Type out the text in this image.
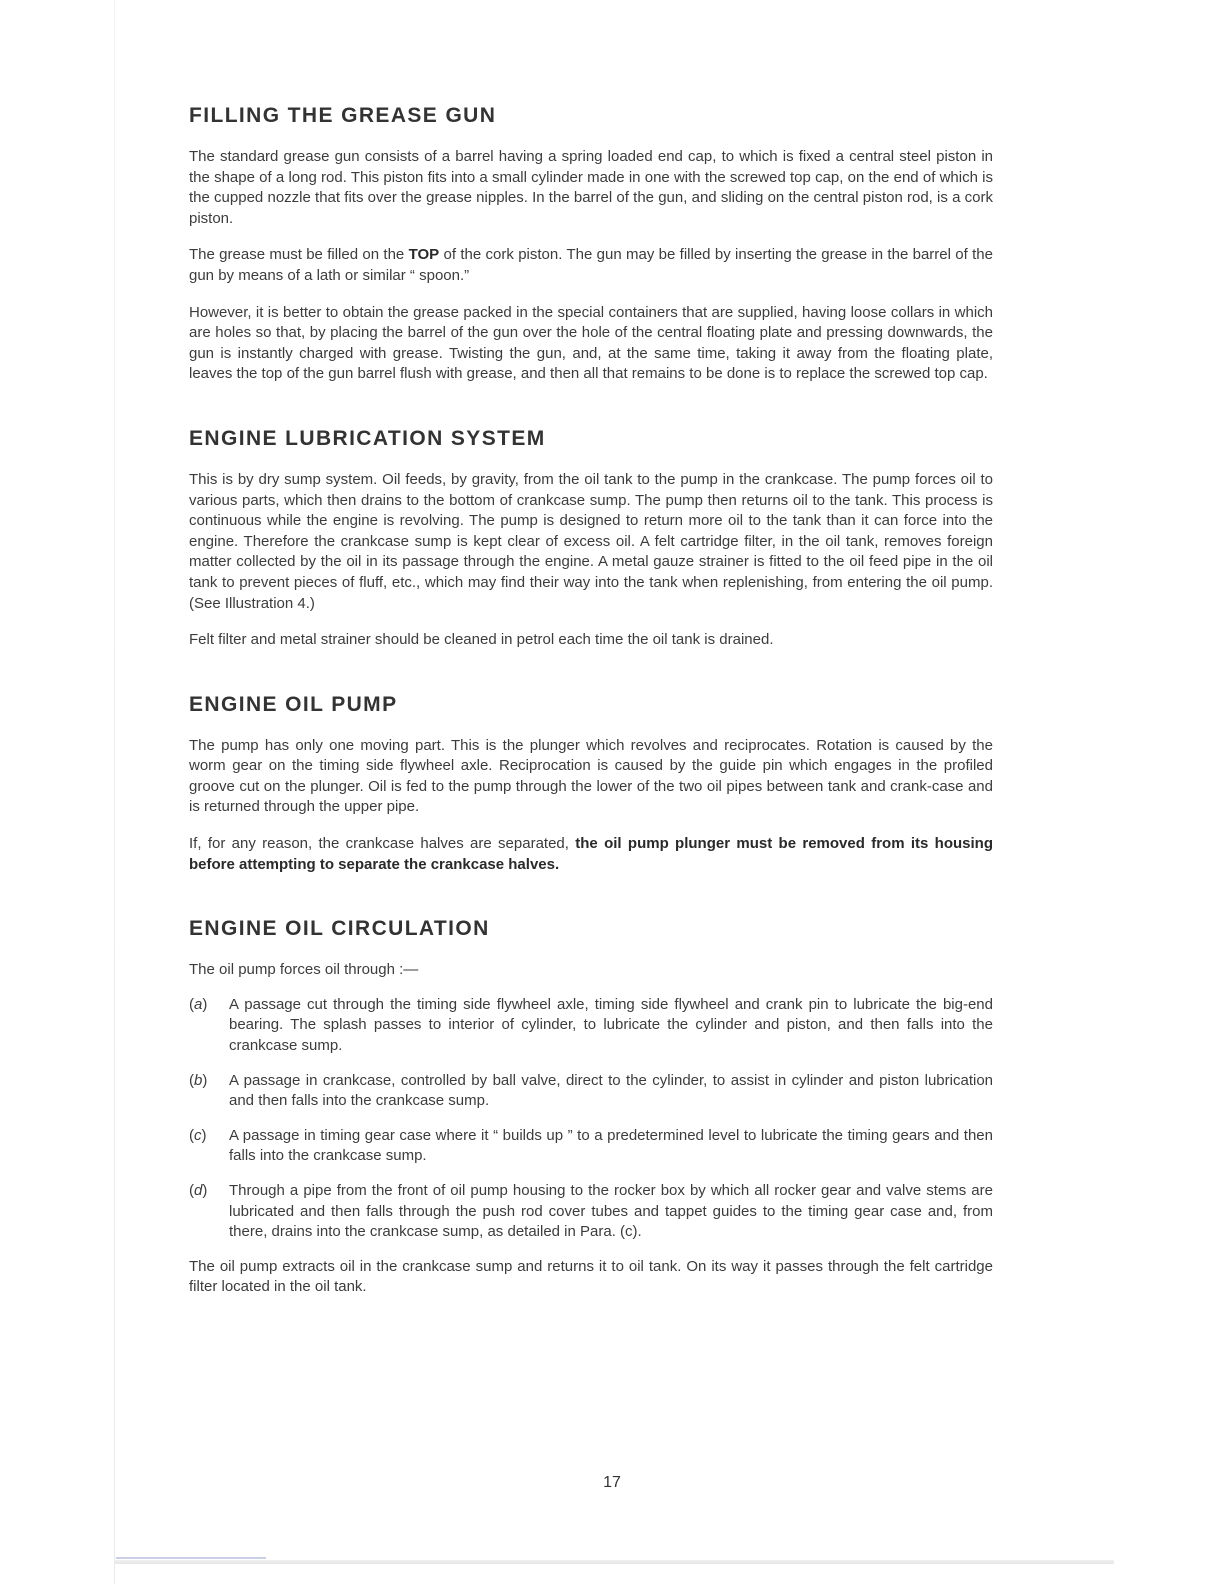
FILLING THE GREASE GUN

The standard grease gun consists of a barrel having a spring loaded end cap, to which is fixed a central steel piston in the shape of a long rod. This piston fits into a small cylinder made in one with the screwed top cap, on the end of which is the cupped nozzle that fits over the grease nipples. In the barrel of the gun, and sliding on the central piston rod, is a cork piston.

The grease must be filled on the TOP of the cork piston. The gun may be filled by inserting the grease in the barrel of the gun by means of a lath or similar “ spoon.”

However, it is better to obtain the grease packed in the special containers that are supplied, having loose collars in which are holes so that, by placing the barrel of the gun over the hole of the central floating plate and pressing downwards, the gun is instantly charged with grease. Twisting the gun, and, at the same time, taking it away from the floating plate, leaves the top of the gun barrel flush with grease, and then all that remains to be done is to replace the screwed top cap.

ENGINE LUBRICATION SYSTEM

This is by dry sump system. Oil feeds, by gravity, from the oil tank to the pump in the crankcase. The pump forces oil to various parts, which then drains to the bottom of crankcase sump. The pump then returns oil to the tank. This process is continuous while the engine is revolving. The pump is designed to return more oil to the tank than it can force into the engine. Therefore the crankcase sump is kept clear of excess oil. A felt cartridge filter, in the oil tank, removes foreign matter collected by the oil in its passage through the engine. A metal gauze strainer is fitted to the oil feed pipe in the oil tank to prevent pieces of fluff, etc., which may find their way into the tank when replenishing, from entering the oil pump. (See Illustration 4.)

Felt filter and metal strainer should be cleaned in petrol each time the oil tank is drained.

ENGINE OIL PUMP

The pump has only one moving part. This is the plunger which revolves and reciprocates. Rotation is caused by the worm gear on the timing side flywheel axle. Reciprocation is caused by the guide pin which engages in the profiled groove cut on the plunger. Oil is fed to the pump through the lower of the two oil pipes between tank and crank-case and is returned through the upper pipe.

If, for any reason, the crankcase halves are separated, the oil pump plunger must be removed from its housing before attempting to separate the crankcase halves.

ENGINE OIL CIRCULATION

The oil pump forces oil through :—

(a) A passage cut through the timing side flywheel axle, timing side flywheel and crank pin to lubricate the big-end bearing. The splash passes to interior of cylinder, to lubricate the cylinder and piston, and then falls into the crankcase sump.
(b) A passage in crankcase, controlled by ball valve, direct to the cylinder, to assist in cylinder and piston lubrication and then falls into the crankcase sump.
(c) A passage in timing gear case where it “ builds up ” to a predetermined level to lubricate the timing gears and then falls into the crankcase sump.
(d) Through a pipe from the front of oil pump housing to the rocker box by which all rocker gear and valve stems are lubricated and then falls through the push rod cover tubes and tappet guides to the timing gear case and, from there, drains into the crankcase sump, as detailed in Para. (c).

The oil pump extracts oil in the crankcase sump and returns it to oil tank. On its way it passes through the felt cartridge filter located in the oil tank.

17
